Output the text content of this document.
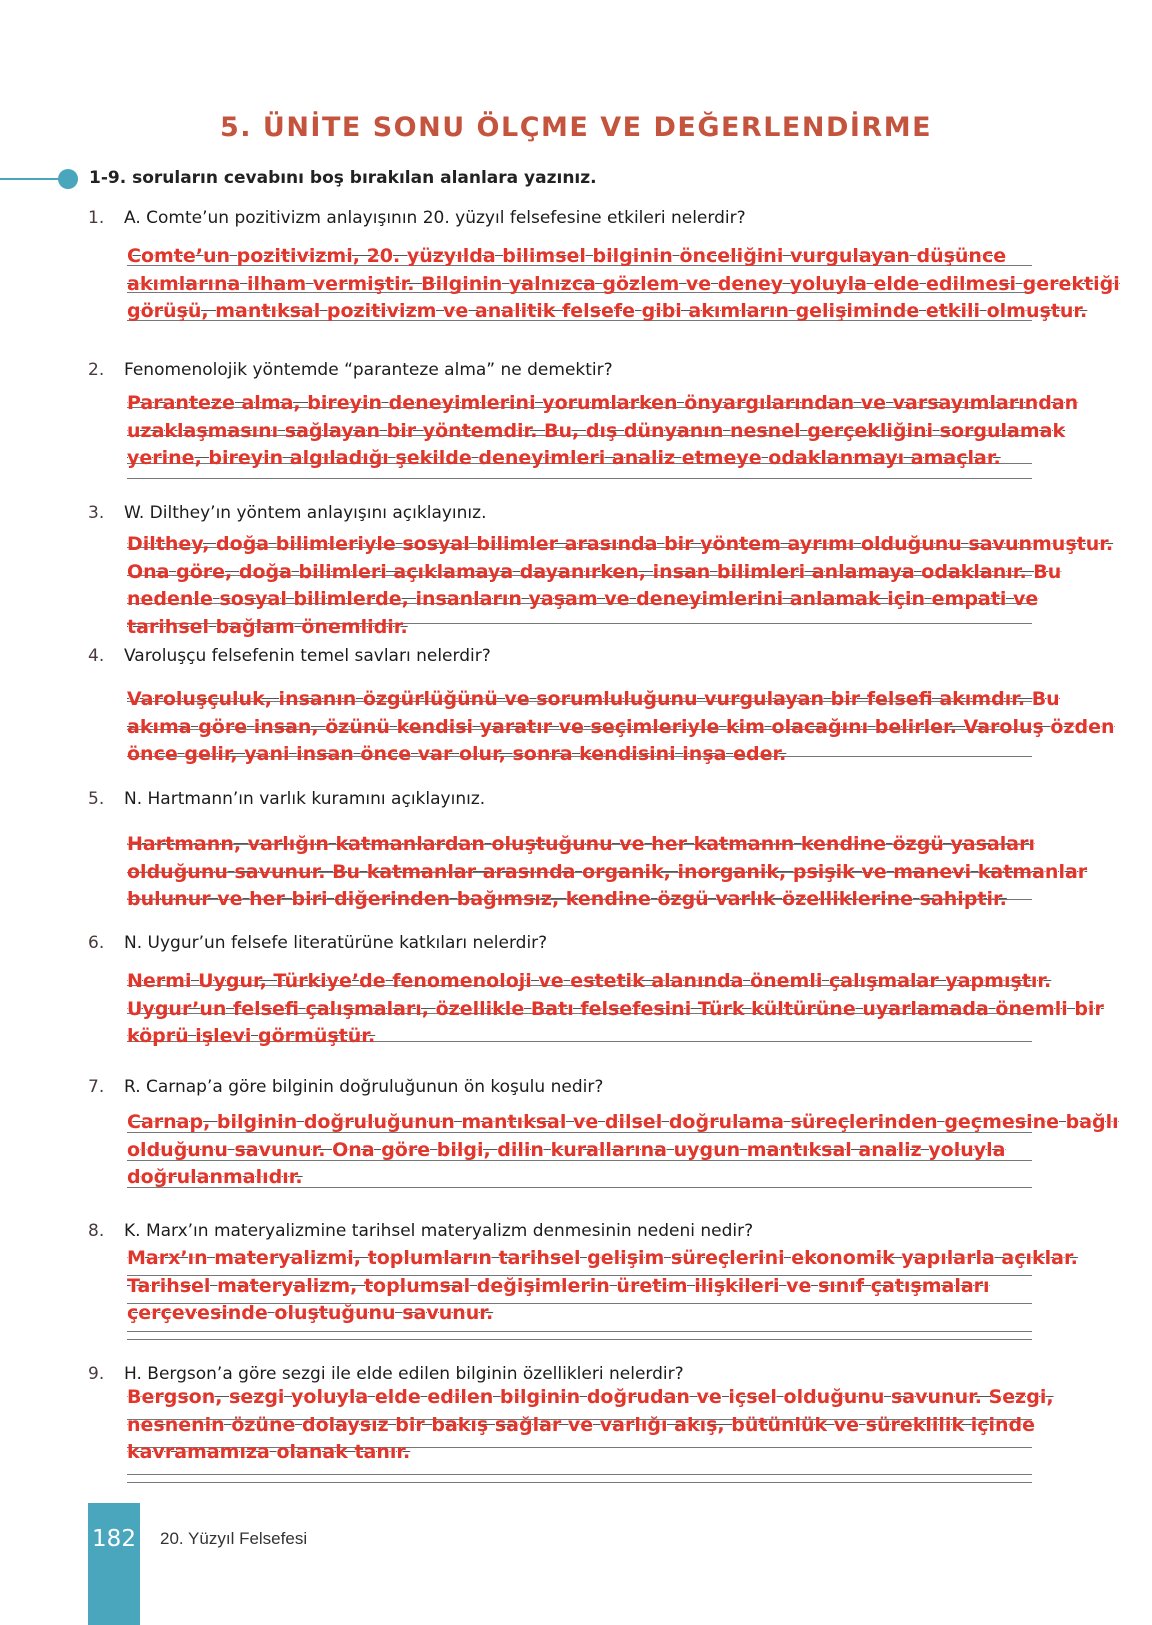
5. ÜNİTE SONU ÖLÇME VE DEĞERLENDİRME
1-9. soruların cevabını boş bırakılan alanlara yazınız.
1. A. Comte’un pozitivizm anlayışının 20. yüzyıl felsefesine etkileri nelerdir?
Comte’un pozitivizmi, 20. yüzyılda bilimsel bilginin önceliğini vurgulayan düşünce akımlarına ilham vermiştir. Bilginin yalnızca gözlem ve deney yoluyla elde edilmesi gerektiği görüşü, mantıksal pozitivizm ve analitik felsefe gibi akımların gelişiminde etkili olmuştur.
2. Fenomenolojik yöntemde “paranteze alma” ne demektir?
Paranteze alma, bireyin deneyimlerini yorumlarken önyargılarından ve varsayımlarından uzaklaşmasını sağlayan bir yöntemdir. Bu, dış dünyanın nesnel gerçekliğini sorgulamak yerine, bireyin algıladığı şekilde deneyimleri analiz etmeye odaklanmayı amaçlar.
3. W. Dilthey’ın yöntem anlayışını açıklayınız.
Dilthey, doğa bilimleriyle sosyal bilimler arasında bir yöntem ayrımı olduğunu savunmuştur. Ona göre, doğa bilimleri açıklamaya dayanırken, insan bilimleri anlamaya odaklanır. Bu nedenle sosyal bilimlerde, insanların yaşam ve deneyimlerini anlamak için empati ve tarihsel bağlam önemlidir.
4. Varoluşçu felsefenin temel savları nelerdir?
Varoluşçuluk, insanın özgürlüğünü ve sorumluluğunu vurgulayan bir felsefi akımdır. Bu akıma göre insan, özünü kendisi yaratır ve seçimleriyle kim olacağını belirler. Varoluş özden önce gelir, yani insan önce var olur, sonra kendisini inşa eder.
5. N. Hartmann’ın varlık kuramını açıklayınız.
Hartmann, varlığın katmanlardan oluştuğunu ve her katmanın kendine özgü yasaları olduğunu savunur. Bu katmanlar arasında organik, inorganik, psişik ve manevi katmanlar bulunur ve her biri diğerinden bağımsız, kendine özgü varlık özelliklerine sahiptir.
6. N. Uygur’un felsefe literatürüne katkıları nelerdir?
Nermi Uygur, Türkiye’de fenomenoloji ve estetik alanında önemli çalışmalar yapmıştır. Uygur’un felsefi çalışmaları, özellikle Batı felsefesini Türk kültürüne uyarlamada önemli bir köprü işlevi görmüştür.
7. R. Carnap’a göre bilginin doğruluğunun ön koşulu nedir?
Carnap, bilginin doğruluğunun mantıksal ve dilsel doğrulama süreçlerinden geçmesine bağlı olduğunu savunur. Ona göre bilgi, dilin kurallarına uygun mantıksal analiz yoluyla doğrulanmalıdır.
8. K. Marx’ın materyalizmine tarihsel materyalizm denmesinin nedeni nedir?
Marx’ın materyalizmi, toplumların tarihsel gelişim süreçlerini ekonomik yapılarla açıklar. Tarihsel materyalizm, toplumsal değişimlerin üretim ilişkileri ve sınıf çatışmaları çerçevesinde oluştuğunu savunur.
9. H. Bergson’a göre sezgi ile elde edilen bilginin özellikleri nelerdir?
Bergson, sezgi yoluyla elde edilen bilginin doğrudan ve içsel olduğunu savunur. Sezgi, nesnenin özüne dolaysız bir bakış sağlar ve varlığı akış, bütünlük ve süreklilik içinde kavramamıza olanak tanır.
182 20. Yüzyıl Felsefesi
